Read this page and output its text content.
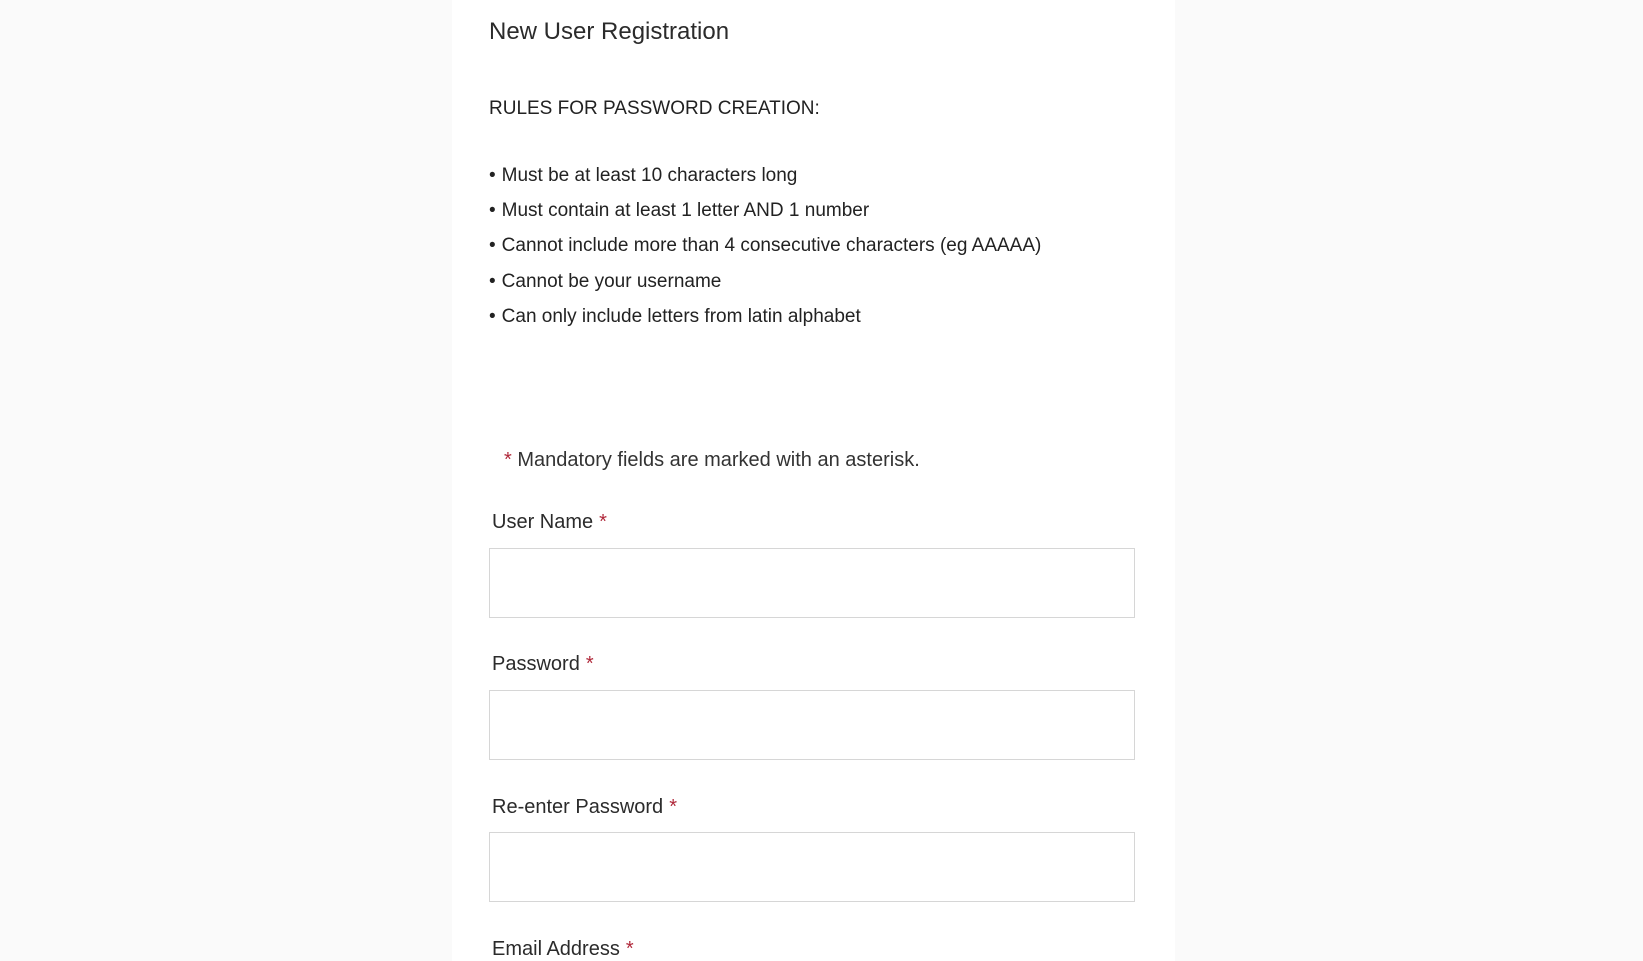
New User Registration
RULES FOR PASSWORD CREATION:
• Must be at least 10 characters long
• Must contain at least 1 letter AND 1 number
• Cannot include more than 4 consecutive characters (eg AAAAA)
• Cannot be your username
• Can only include letters from latin alphabet
* Mandatory fields are marked with an asterisk.
User Name *
Password *
Re-enter Password *
Email Address *
